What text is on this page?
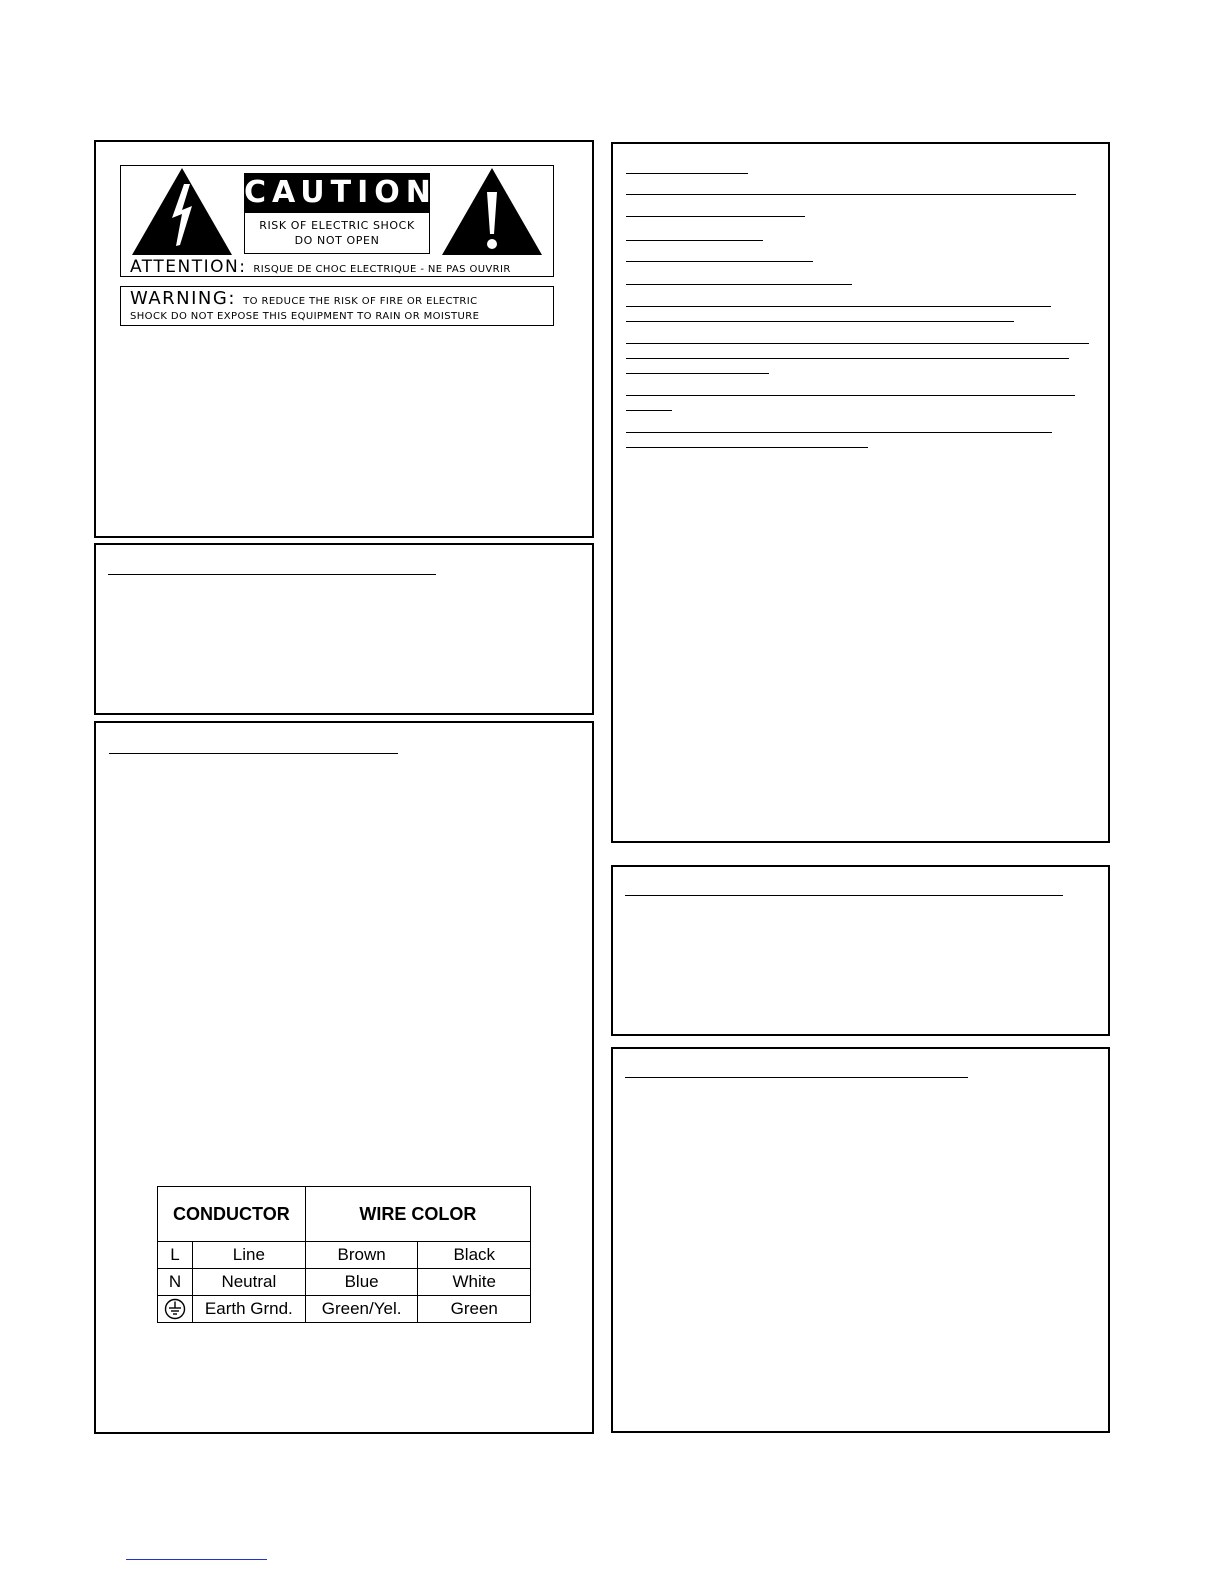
CAUTION
RISK OF ELECTRIC SHOCK
DO NOT OPEN
ATTENTION: RISQUE DE CHOC ELECTRIQUE - NE PAS OUVRIR
WARNING: TO REDUCE THE RISK OF FIRE OR ELECTRIC
SHOCK DO NOT EXPOSE THIS EQUIPMENT TO RAIN OR MOISTURE
CONDUCTOR		WIRE COLOR	
L	Line	Brown	Black
N	Neutral	Blue	White
	Earth Grnd.	Green/Yel.	Green
